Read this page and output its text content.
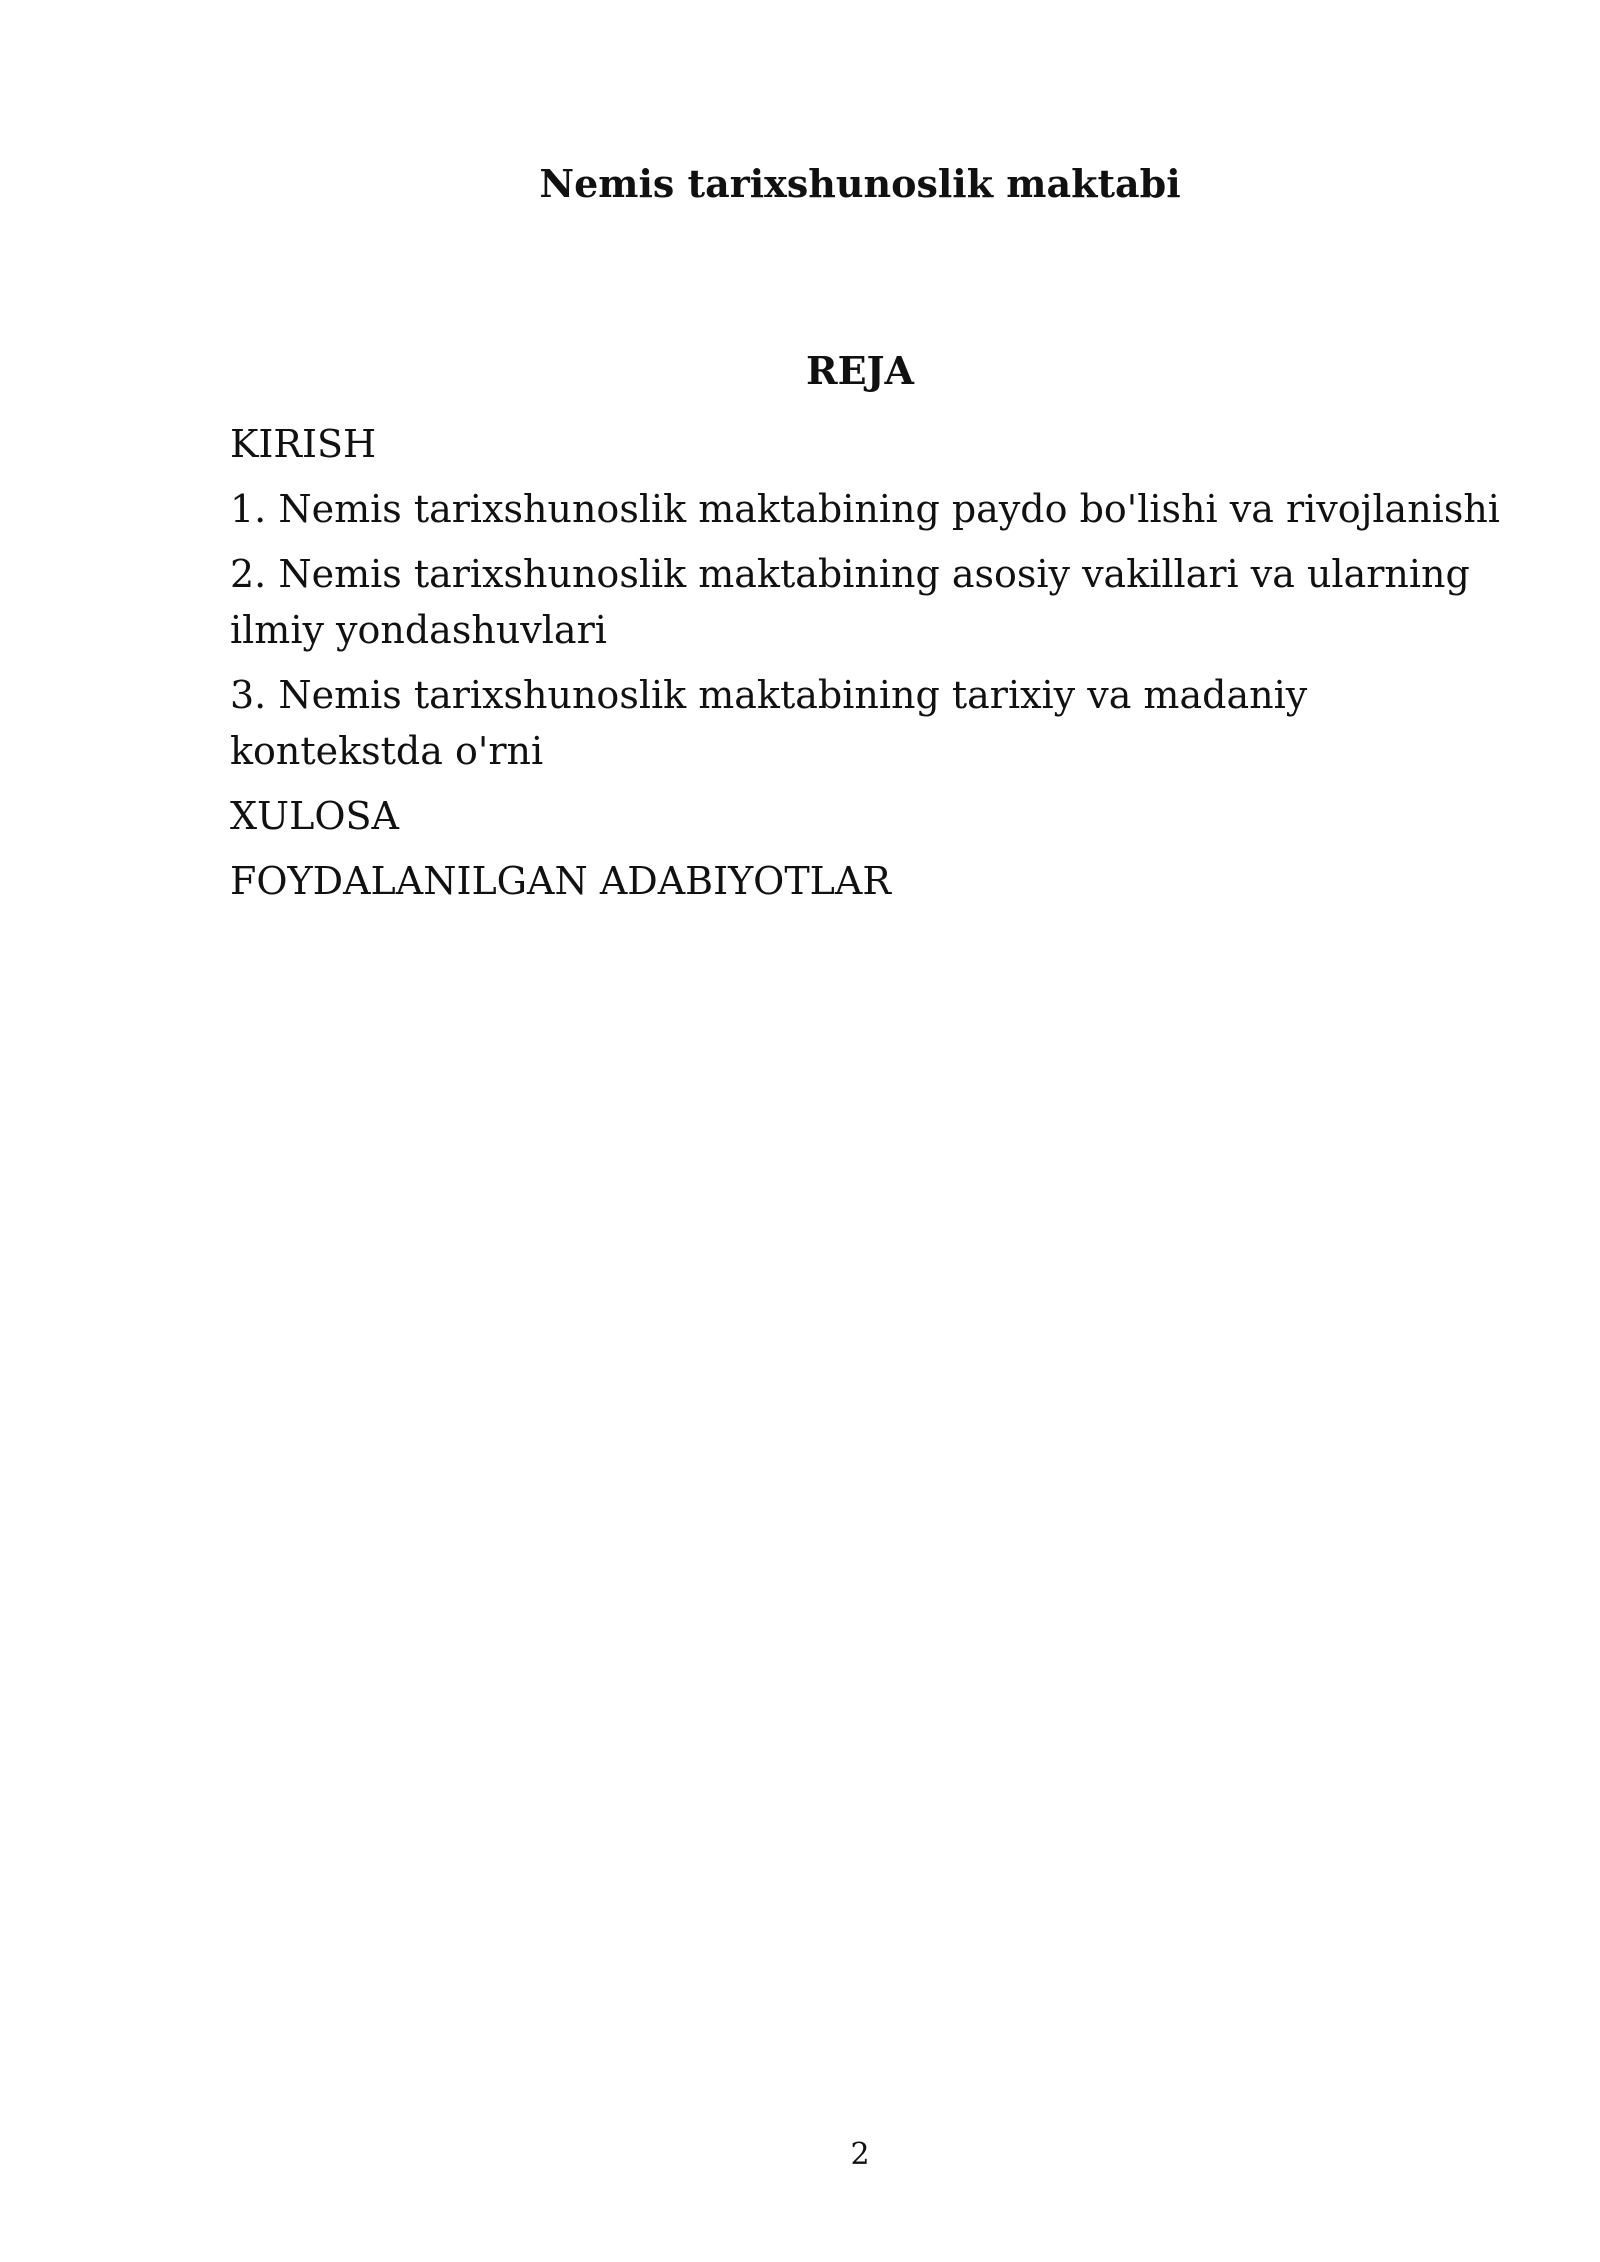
Nemis tarixshunoslik maktabi
REJA
KIRISH
1. Nemis tarixshunoslik maktabining paydo bo'lishi va rivojlanishi
2. Nemis tarixshunoslik maktabining asosiy vakillari va ularning ilmiy yondashuvlari
3. Nemis tarixshunoslik maktabining tarixiy va madaniy kontekstda o'rni
XULOSA
FOYDALANILGAN ADABIYOTLAR
2
